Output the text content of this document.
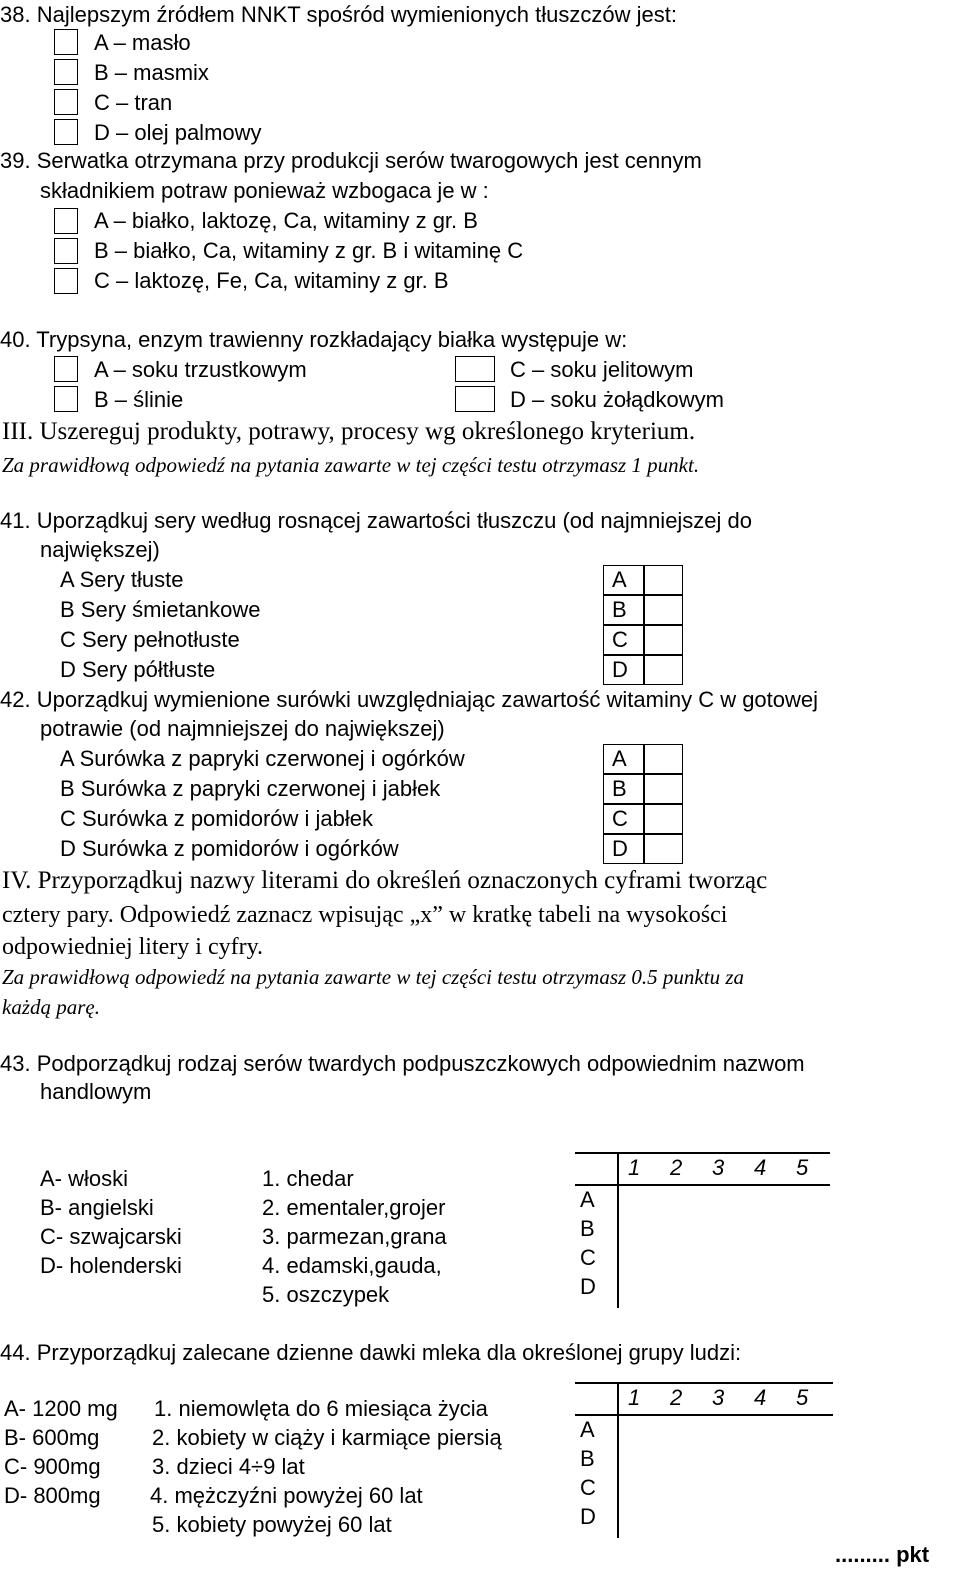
38. Najlepszym źródłem NNKT spośród wymienionych tłuszczów jest:
A – masło
B – masmix
C – tran
D – olej palmowy
39. Serwatka otrzymana przy produkcji serów twarogowych jest cennym
składnikiem potraw ponieważ wzbogaca je w :
A – białko, laktozę, Ca, witaminy z gr. B
B – białko, Ca, witaminy z gr. B i witaminę C
C – laktozę, Fe, Ca, witaminy z gr. B
40. Trypsyna, enzym trawienny rozkładający białka występuje w:
A – soku trzustkowym
B – ślinie
C – soku jelitowym
D – soku żołądkowym
III. Uszereguj produkty, potrawy, procesy wg określonego kryterium.
Za prawidłową odpowiedź na pytania zawarte w tej części testu otrzymasz 1 punkt.
41. Uporządkuj sery według rosnącej zawartości tłuszczu (od najmniejszej do
największej)
A Sery tłuste
B Sery śmietankowe
C Sery pełnotłuste
D Sery półtłuste
A
B
C
D
42. Uporządkuj wymienione surówki uwzględniając zawartość witaminy C w gotowej
potrawie (od najmniejszej do największej)
A Surówka z papryki czerwonej i ogórków
B Surówka z papryki czerwonej i jabłek
C Surówka z pomidorów i jabłek
D Surówka z pomidorów i ogórków
A
B
C
D
IV. Przyporządkuj nazwy literami do określeń oznaczonych cyframi tworząc
cztery pary. Odpowiedź zaznacz wpisując „x” w kratkę tabeli na wysokości
odpowiedniej litery i cyfry.
Za prawidłową odpowiedź na pytania zawarte w tej części testu otrzymasz 0.5 punktu za
każdą parę.
43. Podporządkuj rodzaj serów twardych podpuszczkowych odpowiednim nazwom
handlowym
A- włoski
B- angielski
C- szwajcarski
D- holenderski
1. chedar
2. ementaler,grojer
3. parmezan,grana
4. edamski,gauda,
5. oszczypek
1 2 3 4 5
A
B
C
D
44. Przyporządkuj zalecane dzienne dawki mleka dla określonej grupy ludzi:
A- 1200 mg
B- 600mg
C- 900mg
D- 800mg
1. niemowlęta do 6 miesiąca życia
2. kobiety w ciąży i karmiące piersią
3. dzieci 4÷9 lat
4. mężczyźni powyżej 60 lat
5. kobiety powyżej 60 lat
1 2 3 4 5
A
B
C
D
......... pkt
